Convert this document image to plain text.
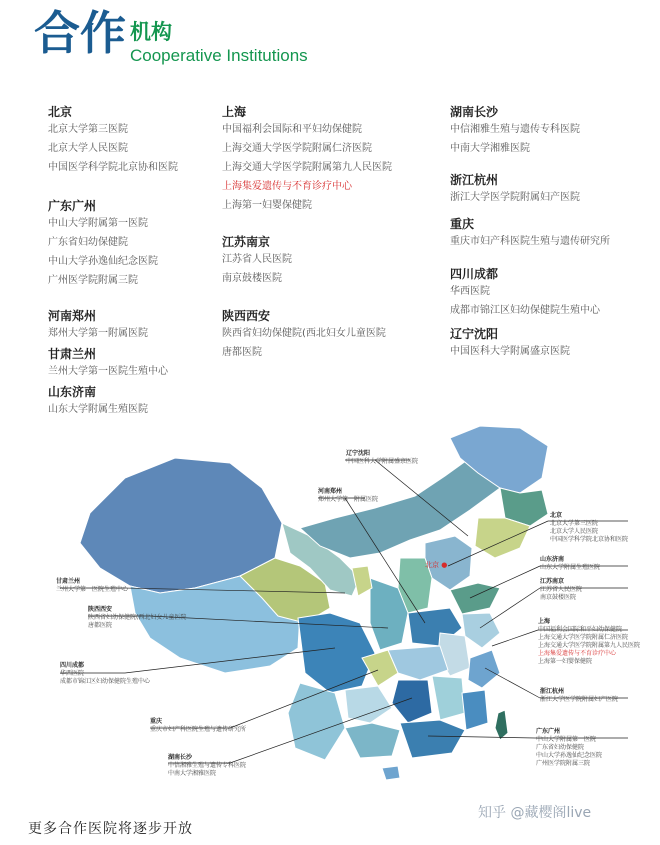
合作 机构
Cooperative Institutions
北京
北京大学第三医院
北京大学人民医院
中国医学科学院北京协和医院
广东广州
中山大学附属第一医院
广东省妇幼保健院
中山大学孙逸仙纪念医院
广州医学院附属三院
河南郑州
郑州大学第一附属医院
甘肃兰州
兰州大学第一医院生殖中心
山东济南
山东大学附属生殖医院
上海
中国福利会国际和平妇幼保健院
上海交通大学医学院附属仁济医院
上海交通大学医学院附属第九人民医院
上海集爱遗传与不育诊疗中心
上海第一妇婴保健院
江苏南京
江苏省人民医院
南京鼓楼医院
陕西西安
陕西省妇幼保健院(西北妇女儿童医院
唐都医院
湖南长沙
中信湘雅生殖与遗传专科医院
中南大学湘雅医院
浙江杭州
浙江大学医学院附属妇产医院
重庆
重庆市妇产科医院生殖与遗传研究所
四川成都
华西医院
成都市锦江区妇幼保健院生殖中心
辽宁沈阳
中国医科大学附属盛京医院
北京 ●
辽宁沈阳
中国医科大学附属盛京医院
河南郑州
郑州大学第一附属医院
北京
北京大学第三医院
北京大学人民医院
中国医学科学院北京协和医院
山东济南
山东大学附属生殖医院
甘肃兰州
兰州大学第一医院生殖中心
江苏南京
江苏省人民医院
南京鼓楼医院
陕西西安
陕西省妇幼保健院(西北妇女儿童医院
唐都医院
上海
中国福利会国际和平妇幼保健院
上海交通大学医学院附属仁济医院
上海交通大学医学院附属第九人民医院
上海集爱遗传与不育诊疗中心
上海第一妇婴保健院
四川成都
华西医院
成都市锦江区妇幼保健院生殖中心
浙江杭州
浙江大学医学院附属妇产医院
重庆
重庆市妇产科医院生殖与遗传研究所	广东广州
中山大学附属第一医院
广东省妇幼保健院
中山大学孙逸仙纪念医院
广州医学院附属三院
湖南长沙
中信湘雅生殖与遗传专科医院
中南大学湘雅医院
更多合作医院将逐步开放
知乎 @藏樱阁live
